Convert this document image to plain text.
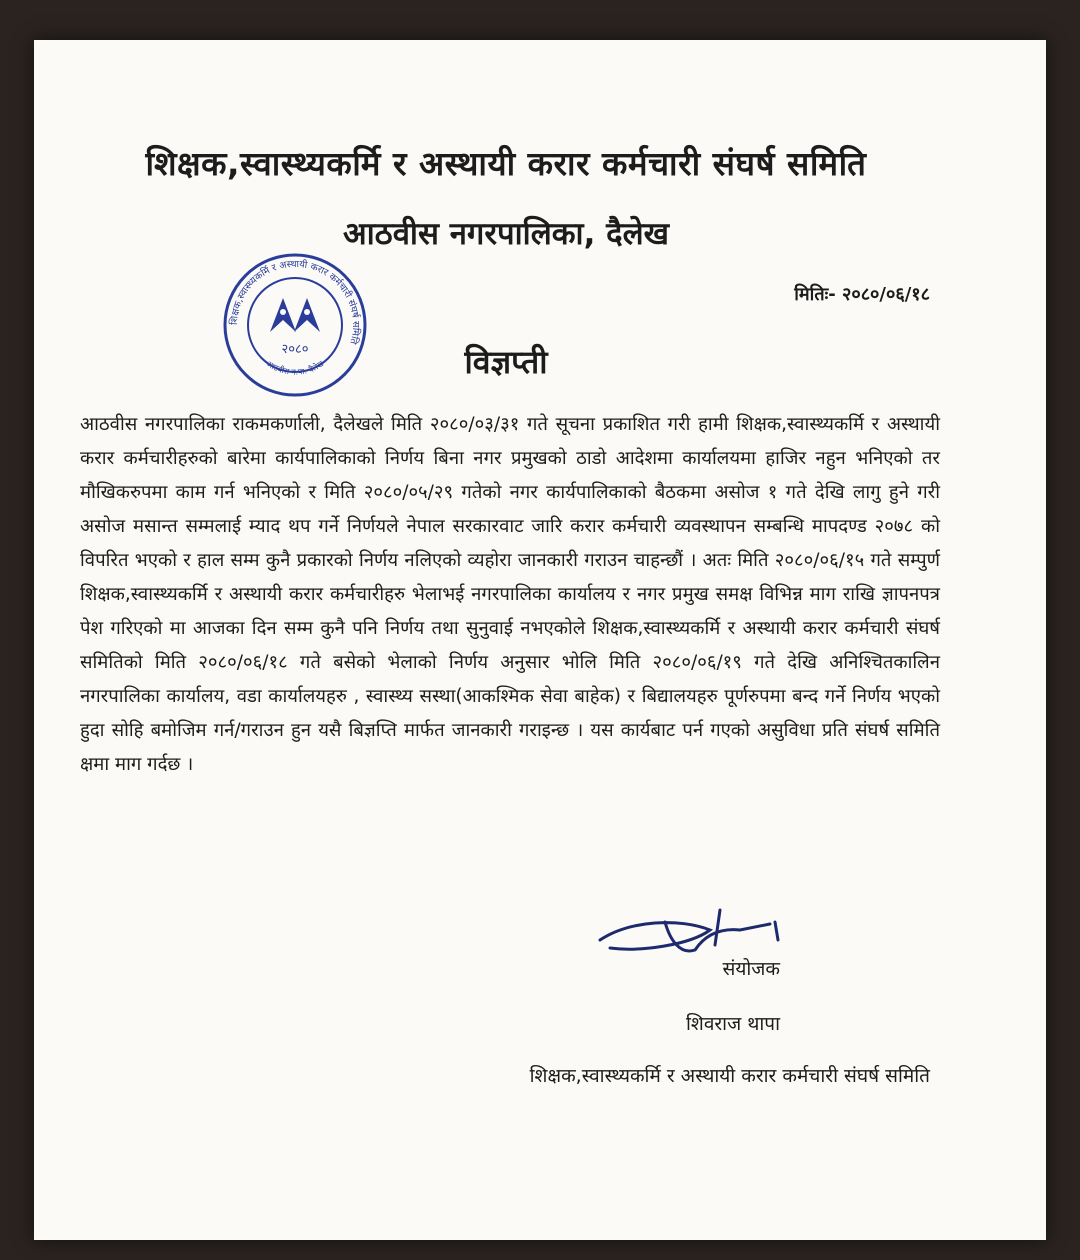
शिक्षक,स्वास्थ्यकर्मि र अस्थायी करार कर्मचारी संघर्ष समिति
आठवीस नगरपालिका, दैलेख
शिक्षक,स्वास्थ्यकर्मि र अस्थायी करार कर्मचारी संघर्ष समिति
२०८०
आठवीस न.पा. दैलेख
मितिः- २०८०/०६/१८
विज्ञप्ती
आठवीस नगरपालिका राकमकर्णाली, दैलेखले मिति २०८०/०३/३१ गते सूचना प्रकाशित गरी हामी शिक्षक,स्वास्थ्यकर्मि र अस्थायी करार कर्मचारीहरुको बारेमा कार्यपालिकाको निर्णय बिना नगर प्रमुखको ठाडो आदेशमा कार्यालयमा हाजिर नहुन भनिएको तर मौखिकरुपमा काम गर्न भनिएको र मिति २०८०/०५/२९ गतेको नगर कार्यपालिकाको बैठकमा असोज १ गते देखि लागु हुने गरी असोज मसान्त सम्मलाई म्याद थप गर्ने निर्णयले नेपाल सरकारवाट जारि करार कर्मचारी व्यवस्थापन सम्बन्धि मापदण्ड २०७८ को विपरित भएको र हाल सम्म कुनै प्रकारको निर्णय नलिएको व्यहोरा जानकारी गराउन चाहन्छौं । अतः मिति २०८०/०६/१५ गते सम्पुर्ण शिक्षक,स्वास्थ्यकर्मि र अस्थायी करार कर्मचारीहरु भेलाभई नगरपालिका कार्यालय र नगर प्रमुख समक्ष विभिन्न माग राखि ज्ञापनपत्र पेश गरिएको मा आजका दिन सम्म कुनै पनि निर्णय तथा सुनुवाई नभएकोले शिक्षक,स्वास्थ्यकर्मि र अस्थायी करार कर्मचारी संघर्ष समितिको मिति २०८०/०६/१८ गते बसेको भेलाको निर्णय अनुसार भोलि मिति २०८०/०६/१९ गते देखि अनिश्चितकालिन नगरपालिका कार्यालय, वडा कार्यालयहरु , स्वास्थ्य सस्था(आकश्मिक सेवा बाहेक) र बिद्यालयहरु पूर्णरुपमा बन्द गर्ने निर्णय भएको हुदा सोहि बमोजिम गर्न/गराउन हुन यसै बिज्ञप्ति मार्फत जानकारी गराइन्छ । यस कार्यबाट पर्न गएको असुविधा प्रति संघर्ष समिति क्षमा माग गर्दछ ।
संयोजक
शिवराज थापा
शिक्षक,स्वास्थ्यकर्मि र अस्थायी करार कर्मचारी संघर्ष समिति
